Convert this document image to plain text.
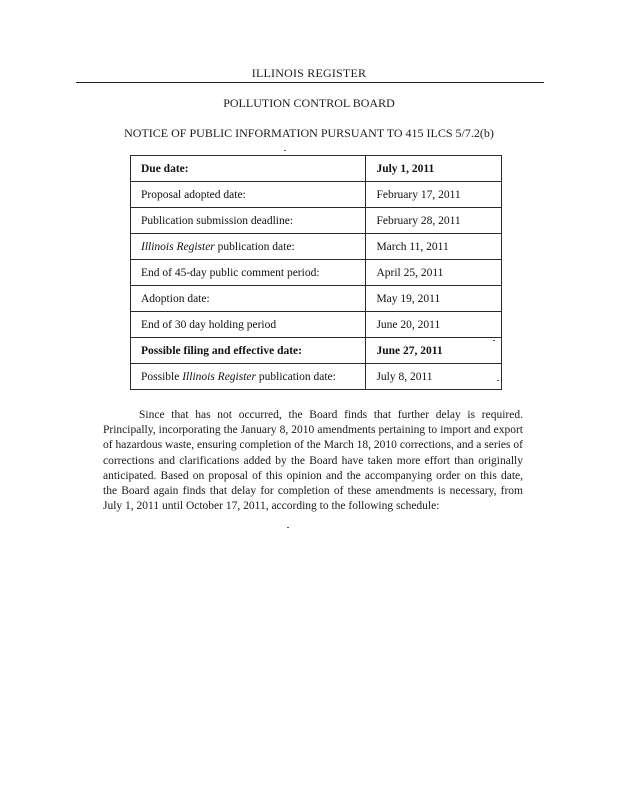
ILLINOIS REGISTER
POLLUTION CONTROL BOARD
NOTICE OF PUBLIC INFORMATION PURSUANT TO 415 ILCS 5/7.2(b)
Due date:	July 1, 2011
Proposal adopted date:	February 17, 2011
Publication submission deadline:	February 28, 2011
Illinois Register publication date:	March 11, 2011
End of 45-day public comment period:	April 25, 2011
Adoption date:	May 19, 2011
End of 30 day holding period	June 20, 2011
Possible filing and effective date:	June 27, 2011
Possible Illinois Register publication date:	July 8, 2011

Since that has not occurred, the Board finds that further delay is required. Principally, incorporating the January 8, 2010 amendments pertaining to import and export of hazardous waste, ensuring completion of the March 18, 2010 corrections, and a series of corrections and clarifications added by the Board have taken more effort than originally anticipated. Based on proposal of this opinion and the accompanying order on this date, the Board again finds that delay for completion of these amendments is necessary, from July 1, 2011 until October 17, 2011, according to the following schedule:
